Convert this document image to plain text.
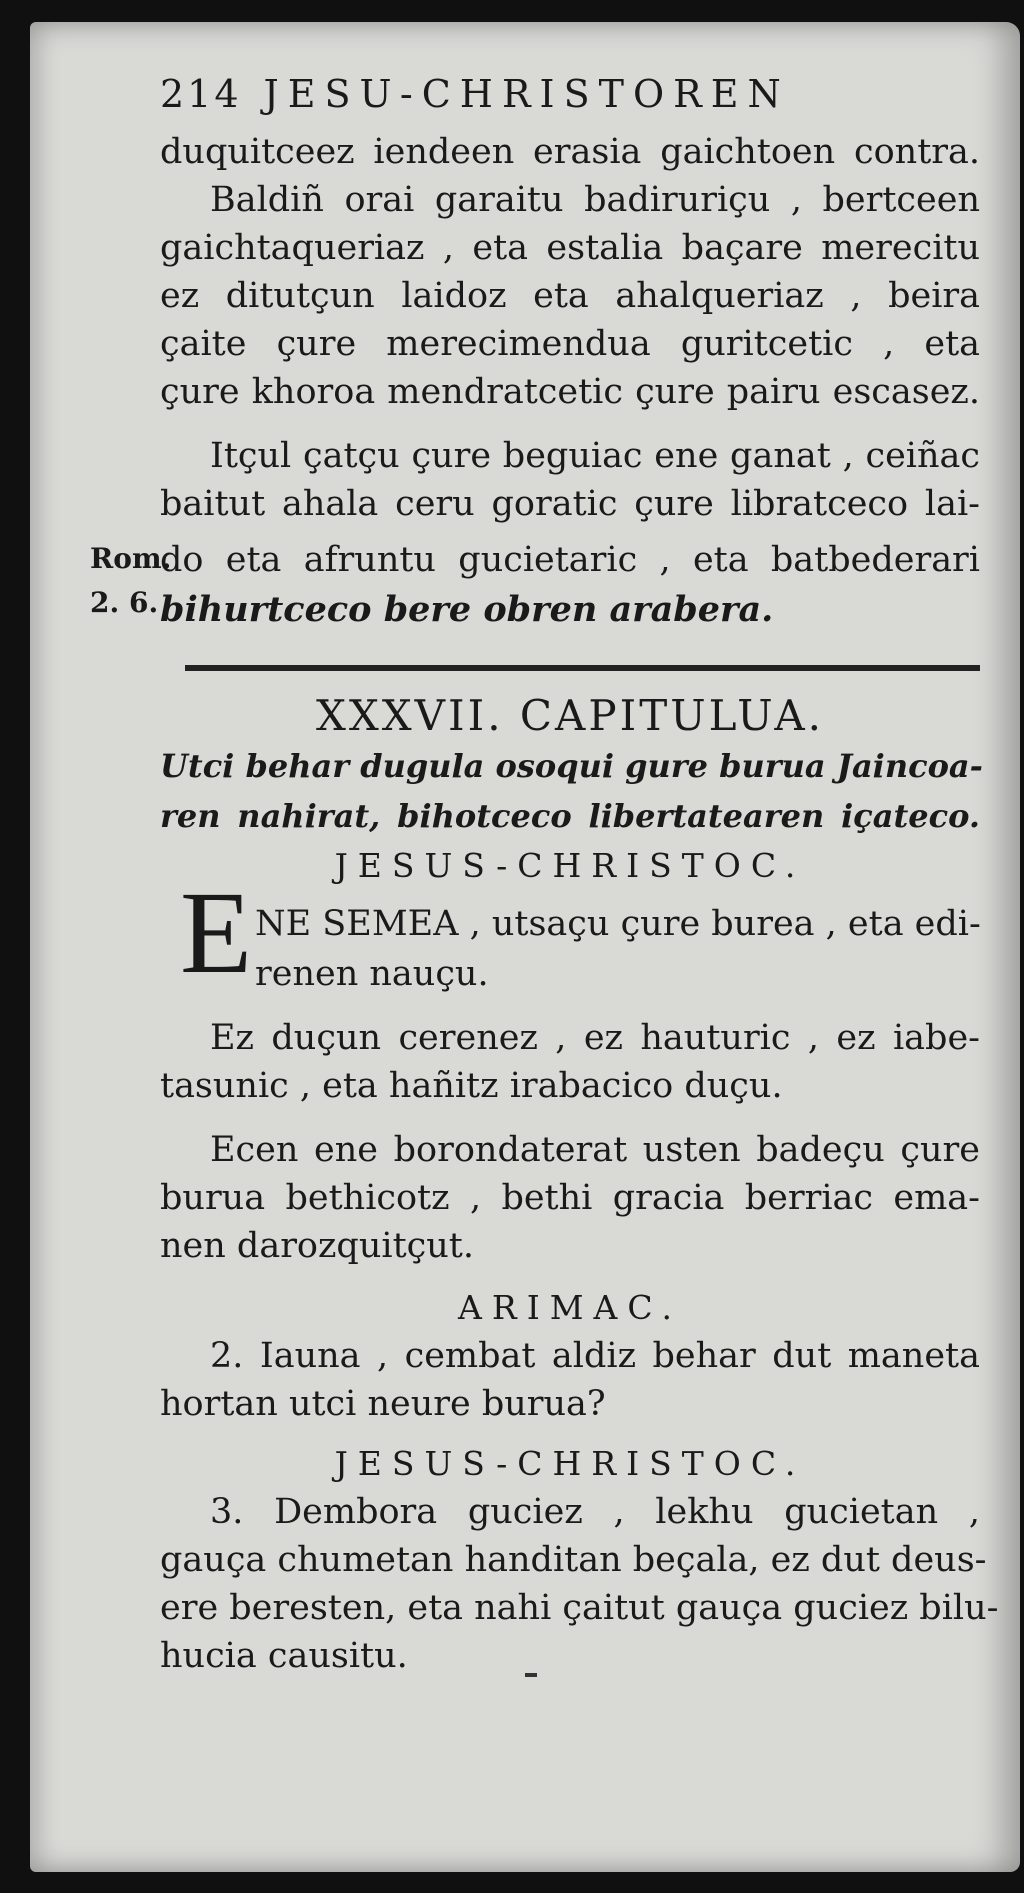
214 JESU-CHRISTOREN
duquitceez iendeen erasia gaichtoen contra.
Baldiñ orai garaitu badiruriçu , bertceen
gaichtaqueriaz , eta estalia baçare merecitu
ez ditutçun laidoz eta ahalqueriaz , beira
çaite çure merecimendua guritcetic , eta
çure khoroa mendratcetic çure pairu escasez.
Itçul çatçu çure beguiac ene ganat , ceiñac
baitut ahala ceru goratic çure libratceco lai-
do eta afruntu gucietaric , eta batbederari
bihurtceco bere obren arabera.
Rom.
2. 6.
XXXVII. CAPITULUA.
Utci behar dugula osoqui gure burua Jaincoa-
ren nahirat, bihotceco libertatearen içateco.
JESUS-CHRISTOC.
E NE SEMEA , utsaçu çure burea , eta edi-
renen nauçu.
Ez duçun cerenez , ez hauturic , ez iabe-
tasunic , eta hañitz irabacico duçu.
Ecen ene borondaterat usten badeçu çure
burua bethicotz , bethi gracia berriac ema-
nen darozquitçut.
ARIMAC.
2. Iauna , cembat aldiz behar dut maneta
hortan utci neure burua?
JESUS-CHRISTOC.
3. Dembora guciez , lekhu gucietan ,
gauça chumetan handitan beçala, ez dut deus-
ere beresten, eta nahi çaitut gauça guciez bilu-
hucia causitu.
